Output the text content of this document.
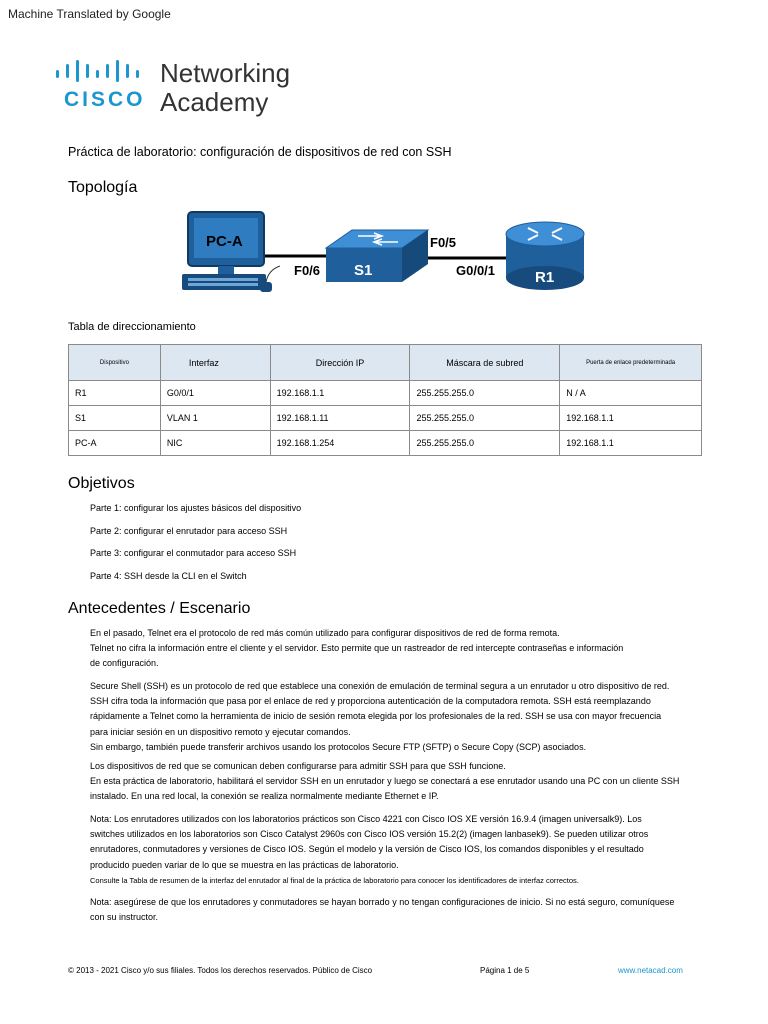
Machine Translated by Google
CISCO
Networking
Academy
Práctica de laboratorio: configuración de dispositivos de red con SSH
Topología
PC-A
S1	R1
F0/6
F0/5
G0/0/1
Tabla de direccionamiento
Dispositivo	Interfaz	Dirección IP	Máscara de subred	Puerta de enlace predeterminada
R1	G0/0/1	192.168.1.1	255.255.255.0	N / A
S1	VLAN 1	192.168.1.11	255.255.255.0	192.168.1.1
PC-A	NIC	192.168.1.254	255.255.255.0	192.168.1.1
Objetivos
Parte 1: configurar los ajustes básicos del dispositivo
Parte 2: configurar el enrutador para acceso SSH
Parte 3: configurar el conmutador para acceso SSH
Parte 4: SSH desde la CLI en el Switch
Antecedentes / Escenario
En el pasado, Telnet era el protocolo de red más común utilizado para configurar dispositivos de red de forma remota.
Telnet no cifra la información entre el cliente y el servidor. Esto permite que un rastreador de red intercepte contraseñas e información
de configuración.
Secure Shell (SSH) es un protocolo de red que establece una conexión de emulación de terminal segura a un enrutador u otro dispositivo de red.
SSH cifra toda la información que pasa por el enlace de red y proporciona autenticación de la computadora remota. SSH está reemplazando
rápidamente a Telnet como la herramienta de inicio de sesión remota elegida por los profesionales de la red. SSH se usa con mayor frecuencia
para iniciar sesión en un dispositivo remoto y ejecutar comandos.
Sin embargo, también puede transferir archivos usando los protocolos Secure FTP (SFTP) o Secure Copy (SCP) asociados.
Los dispositivos de red que se comunican deben configurarse para admitir SSH para que SSH funcione.
En esta práctica de laboratorio, habilitará el servidor SSH en un enrutador y luego se conectará a ese enrutador usando una PC con un cliente SSH
instalado. En una red local, la conexión se realiza normalmente mediante Ethernet e IP.
Nota: Los enrutadores utilizados con los laboratorios prácticos son Cisco 4221 con Cisco IOS XE versión 16.9.4 (imagen universalk9). Los
switches utilizados en los laboratorios son Cisco Catalyst 2960s con Cisco IOS versión 15.2(2) (imagen lanbasek9). Se pueden utilizar otros
enrutadores, conmutadores y versiones de Cisco IOS. Según el modelo y la versión de Cisco IOS, los comandos disponibles y el resultado
producido pueden variar de lo que se muestra en las prácticas de laboratorio.
Consulte la Tabla de resumen de la interfaz del enrutador al final de la práctica de laboratorio para conocer los identificadores de interfaz correctos.
Nota: asegúrese de que los enrutadores y conmutadores se hayan borrado y no tengan configuraciones de inicio. Si no está seguro, comuníquese
con su instructor.
© 2013 - 2021 Cisco y/o sus filiales. Todos los derechos reservados. Público de Cisco	Página 1 de 5	www.netacad.com
